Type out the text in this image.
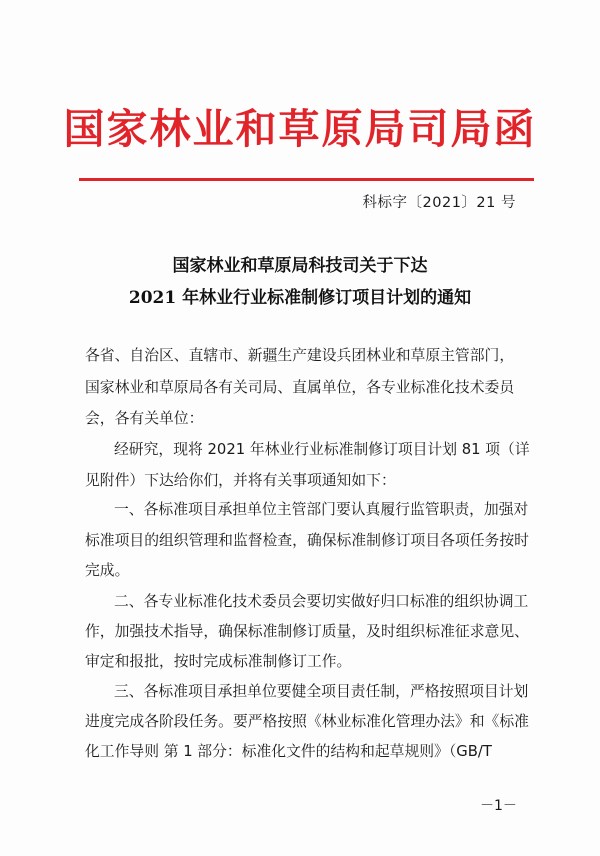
国家林业和草原局司局函
科标字〔2021〕21 号
国家林业和草原局科技司关于下达
2021 年林业行业标准制修订项目计划的通知
各省、自治区、直辖市、新疆生产建设兵团林业和草原主管部门，
国家林业和草原局各有关司局、直属单位，各专业标准化技术委员
会，各有关单位：
经研究，现将 2021 年林业行业标准制修订项目计划 81 项（详
见附件）下达给你们，并将有关事项通知如下：
一、各标准项目承担单位主管部门要认真履行监管职责，加强对
标准项目的组织管理和监督检查，确保标准制修订项目各项任务按时
完成。
二、各专业标准化技术委员会要切实做好归口标准的组织协调工
作，加强技术指导，确保标准制修订质量，及时组织标准征求意见、
审定和报批，按时完成标准制修订工作。
三、各标准项目承担单位要健全项目责任制，严格按照项目计划
进度完成各阶段任务。要严格按照《林业标准化管理办法》和《标准
化工作导则 第 1 部分：标准化文件的结构和起草规则》（GB/T
－1－
